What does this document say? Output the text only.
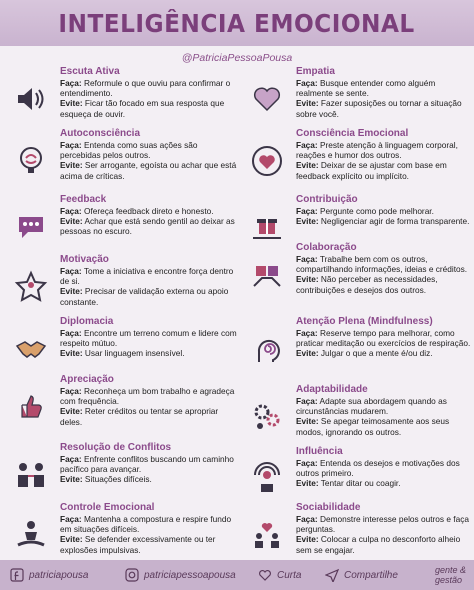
INTELIGÊNCIA EMOCIONAL
@PatriciaPessoaPousa
Escuta Ativa
Faça: Reformule o que ouviu para confirmar o entendimento.
Evite: Ficar tão focado em sua resposta que esqueça de ouvir.
Autoconsciência
Faça: Entenda como suas ações são percebidas pelos outros.
Evite: Ser arrogante, egoísta ou achar que está acima de críticas.
Feedback
Faça: Ofereça feedback direto e honesto.
Evite: Achar que está sendo gentil ao deixar as pessoas no escuro.
Motivação
Faça: Tome a iniciativa e encontre força dentro de si.
Evite: Precisar de validação externa ou apoio constante.
Diplomacia
Faça: Encontre um terreno comum e lidere com respeito mútuo.
Evite: Usar linguagem insensível.
Apreciação
Faça: Reconheça um bom trabalho e agradeça com frequência.
Evite: Reter créditos ou tentar se apropriar deles.
Resolução de Conflitos
Faça: Enfrente conflitos buscando um caminho pacífico para avançar.
Evite: Situações difíceis.
Controle Emocional
Faça: Mantenha a compostura e respire fundo em situações difíceis.
Evite: Se defender excessivamente ou ter explosões impulsivas.
Empatia
Faça: Busque entender como alguém realmente se sente.
Evite: Fazer suposições ou tornar a situação sobre você.
Consciência Emocional
Faça: Preste atenção à linguagem corporal, reações e humor dos outros.
Evite: Deixar de se ajustar com base em feedback explícito ou implícito.
Contribuição
Faça: Pergunte como pode melhorar.
Evite: Negligenciar agir de forma transparente.
Colaboração
Faça: Trabalhe bem com os outros, compartilhando informações, ideias e créditos.
Evite: Não perceber as necessidades, contribuições e desejos dos outros.
Atenção Plena (Mindfulness)
Faça: Reserve tempo para melhorar, como praticar meditação ou exercícios de respiração.
Evite: Julgar o que a mente é/ou diz.
Adaptabilidade
Faça: Adapte sua abordagem quando as circunstâncias mudarem.
Evite: Se apegar teimosamente aos seus modos, ignorando os outros.
Influência
Faça: Entenda os desejos e motivações dos outros primeiro.
Evite: Tentar ditar ou coagir.
Sociabilidade
Faça: Demonstre interesse pelos outros e faça perguntas.
Evite: Colocar a culpa no desconforto alheio sem se engajar.
patriciapousa	patriciapessoapousa	Curta	Compartilhe	gente &
gestão
